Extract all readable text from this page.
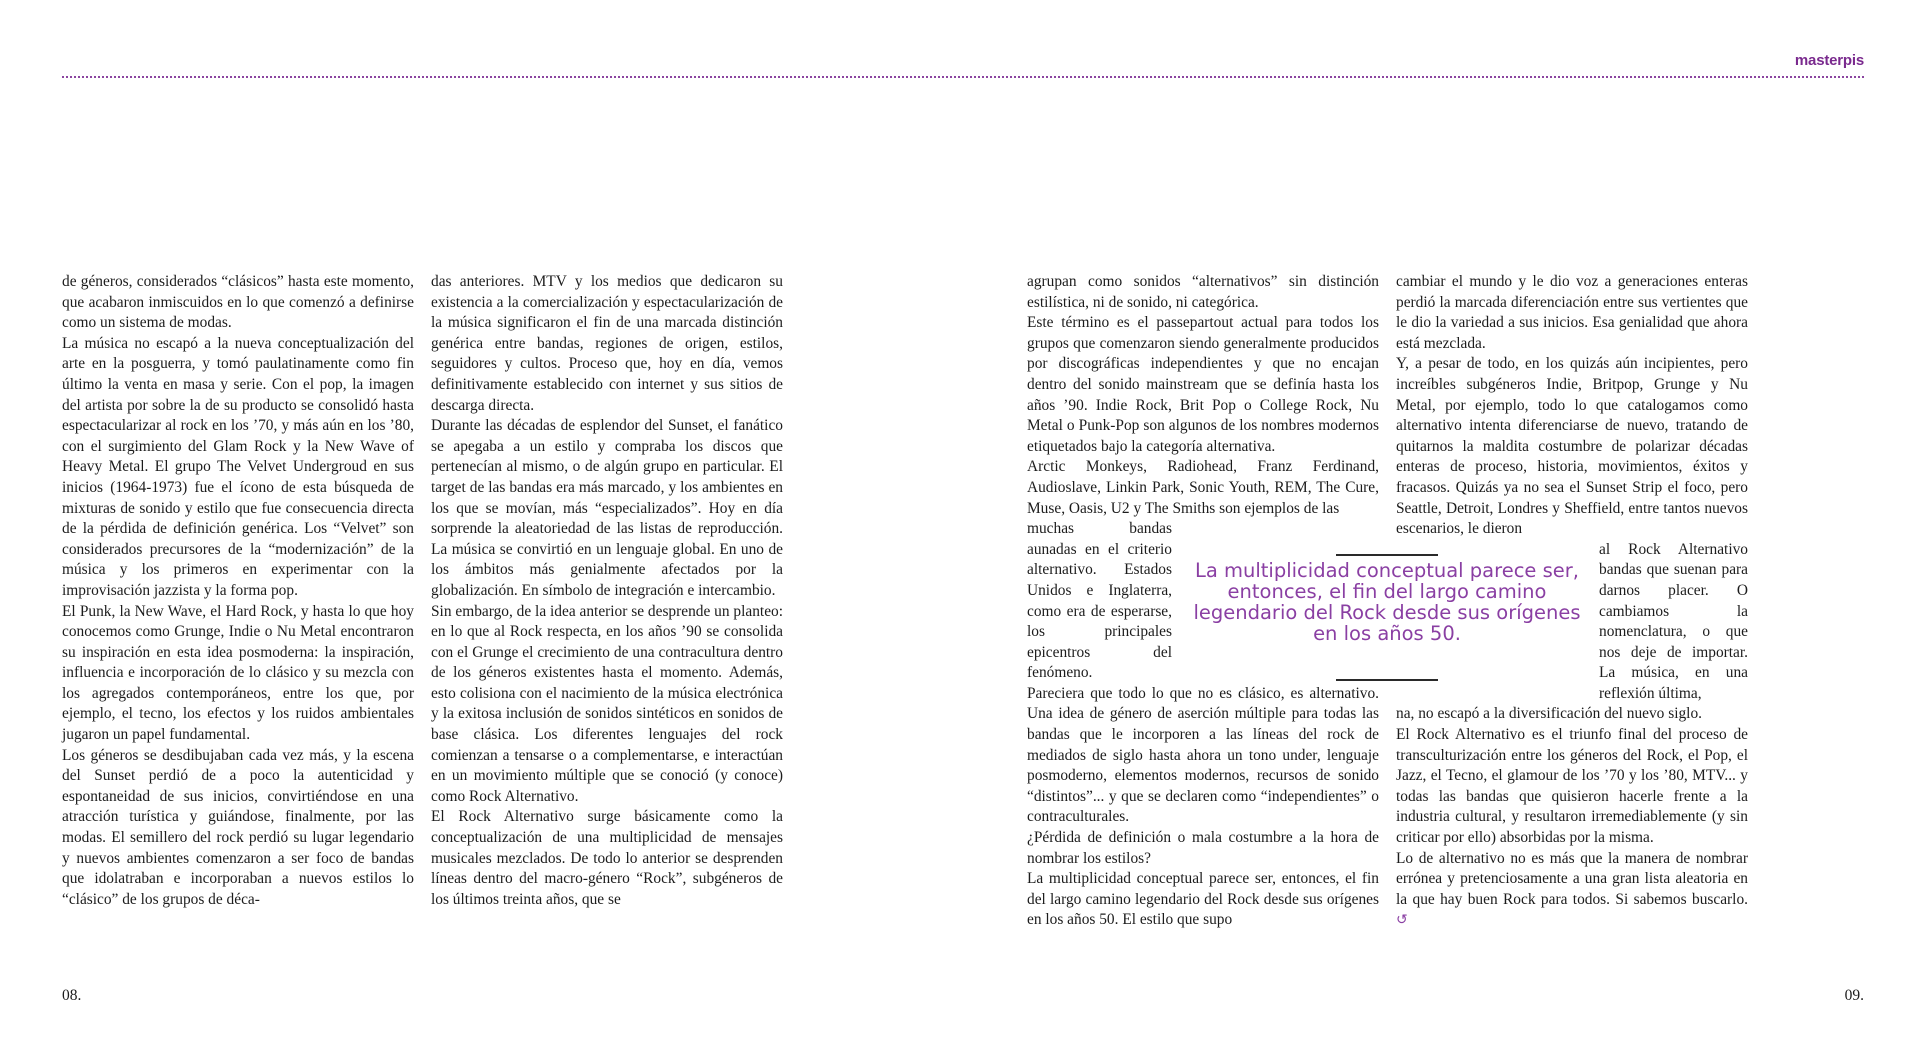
masterpis

de géneros, considerados “clásicos” hasta este momento, que acabaron inmiscuidos en lo que comenzó a definirse como un sistema de modas.

La música no escapó a la nueva conceptualización del arte en la posguerra, y tomó paulatinamente como fin último la venta en masa y serie. Con el pop, la imagen del artista por sobre la de su producto se consolidó hasta espectacularizar al rock en los ’70, y más aún en los ’80, con el surgimiento del Glam Rock y la New Wave of Heavy Metal. El grupo The Velvet Undergroud en sus inicios (1964-1973) fue el ícono de esta búsqueda de mixturas de sonido y estilo que fue consecuencia directa de la pérdida de definición genérica. Los “Velvet” son considerados precursores de la “modernización” de la música y los primeros en experimentar con la improvisación jazzista y la forma pop.

El Punk, la New Wave, el Hard Rock, y hasta lo que hoy conocemos como Grunge, Indie o Nu Metal encontraron su inspiración en esta idea posmoderna: la inspiración, influencia e incorporación de lo clásico y su mezcla con los agregados contemporáneos, entre los que, por ejemplo, el tecno, los efectos y los ruidos ambientales jugaron un papel fundamental.

Los géneros se desdibujaban cada vez más, y la escena del Sunset perdió de a poco la autenticidad y espontaneidad de sus inicios, convirtiéndose en una atracción turística y guiándose, finalmente, por las modas. El semillero del rock perdió su lugar legendario y nuevos ambientes comenzaron a ser foco de bandas que idolatraban e incorporaban a nuevos estilos lo “clásico” de los grupos de déca-

das anteriores. MTV y los medios que dedicaron su existencia a la comercialización y espectacularización de la música significaron el fin de una marcada distinción genérica entre bandas, regiones de origen, estilos, seguidores y cultos. Proceso que, hoy en día, vemos definitivamente establecido con internet y sus sitios de descarga directa.

Durante las décadas de esplendor del Sunset, el fanático se apegaba a un estilo y compraba los discos que pertenecían al mismo, o de algún grupo en particular. El target de las bandas era más marcado, y los ambientes en los que se movían, más “especializados”. Hoy en día sorprende la aleatoriedad de las listas de reproducción. La música se convirtió en un lenguaje global. En uno de los ámbitos más genialmente afectados por la globalización. En símbolo de integración e intercambio.

Sin embargo, de la idea anterior se desprende un planteo: en lo que al Rock respecta, en los años ’90 se consolida con el Grunge el crecimiento de una contracultura dentro de los géneros existentes hasta el momento. Además, esto colisiona con el nacimiento de la música electrónica y la exitosa inclusión de sonidos sintéticos en sonidos de base clásica. Los diferentes lenguajes del rock comienzan a tensarse o a complementarse, e interactúan en un movimiento múltiple que se conoció (y conoce) como Rock Alternativo.

El Rock Alternativo surge básicamente como la conceptualización de una multiplicidad de mensajes musicales mezclados. De todo lo anterior se desprenden líneas dentro del macro-género “Rock”, subgéneros de los últimos treinta años, que se

agrupan como sonidos “alternativos” sin distinción estilística, ni de sonido, ni categórica.

Este término es el passepartout actual para todos los grupos que comenzaron siendo generalmente producidos por discográficas independientes y que no encajan dentro del sonido mainstream que se definía hasta los años ’90. Indie Rock, Brit Pop o College Rock, Nu Metal o Punk-Pop son algunos de los nombres modernos etiquetados bajo la categoría alternativa.

Arctic Monkeys, Radiohead, Franz Ferdinand, Audioslave, Linkin Park, Sonic Youth, REM, The Cure, Muse, Oasis, U2 y The Smiths son ejemplos de las

muchas bandas aunadas en el criterio alternativo. Estados Unidos e Inglaterra, como era de esperarse, los principales epicentros del fenómeno.

Pareciera que todo lo que no es clásico, es alternativo. Una idea de género de aserción múltiple para todas las bandas que le incorporen a las líneas del rock de mediados de siglo hasta ahora un tono under, lenguaje posmoderno, elementos modernos, recursos de sonido “distintos”... y que se declaren como “independientes” o contraculturales.

¿Pérdida de definición o mala costumbre a la hora de nombrar los estilos?

La multiplicidad conceptual parece ser, entonces, el fin del largo camino legendario del Rock desde sus orígenes en los años 50. El estilo que supo

cambiar el mundo y le dio voz a generaciones enteras perdió la marcada diferenciación entre sus vertientes que le dio la variedad a sus inicios. Esa genialidad que ahora está mezclada.

Y, a pesar de todo, en los quizás aún incipientes, pero increíbles subgéneros Indie, Britpop, Grunge y Nu Metal, por ejemplo, todo lo que catalogamos como alternativo intenta diferenciarse de nuevo, tratando de quitarnos la maldita costumbre de polarizar décadas enteras de proceso, historia, movimientos, éxitos y fracasos. Quizás ya no sea el Sunset Strip el foco, pero Seattle, Detroit, Londres y Sheffield, entre tantos nuevos escenarios, le dieron

al Rock Alternativo bandas que suenan para darnos placer. O cambiamos la nomenclatura, o que nos deje de importar. La música, en una reflexión última,

na, no escapó a la diversificación del nuevo siglo.

El Rock Alternativo es el triunfo final del proceso de transculturización entre los géneros del Rock, el Pop, el Jazz, el Tecno, el glamour de los ’70 y los ’80, MTV... y todas las bandas que quisieron hacerle frente a la industria cultural, y resultaron irremediablemente (y sin criticar por ello) absorbidas por la misma.

Lo de alternativo no es más que la manera de nombrar errónea y pretenciosamente a una gran lista aleatoria en la que hay buen Rock para todos. Si sabemos buscarlo. ↺

La multiplicidad conceptual parece ser, entonces, el fin del largo camino legendario del Rock desde sus orígenes en los años 50.
08.	09.
